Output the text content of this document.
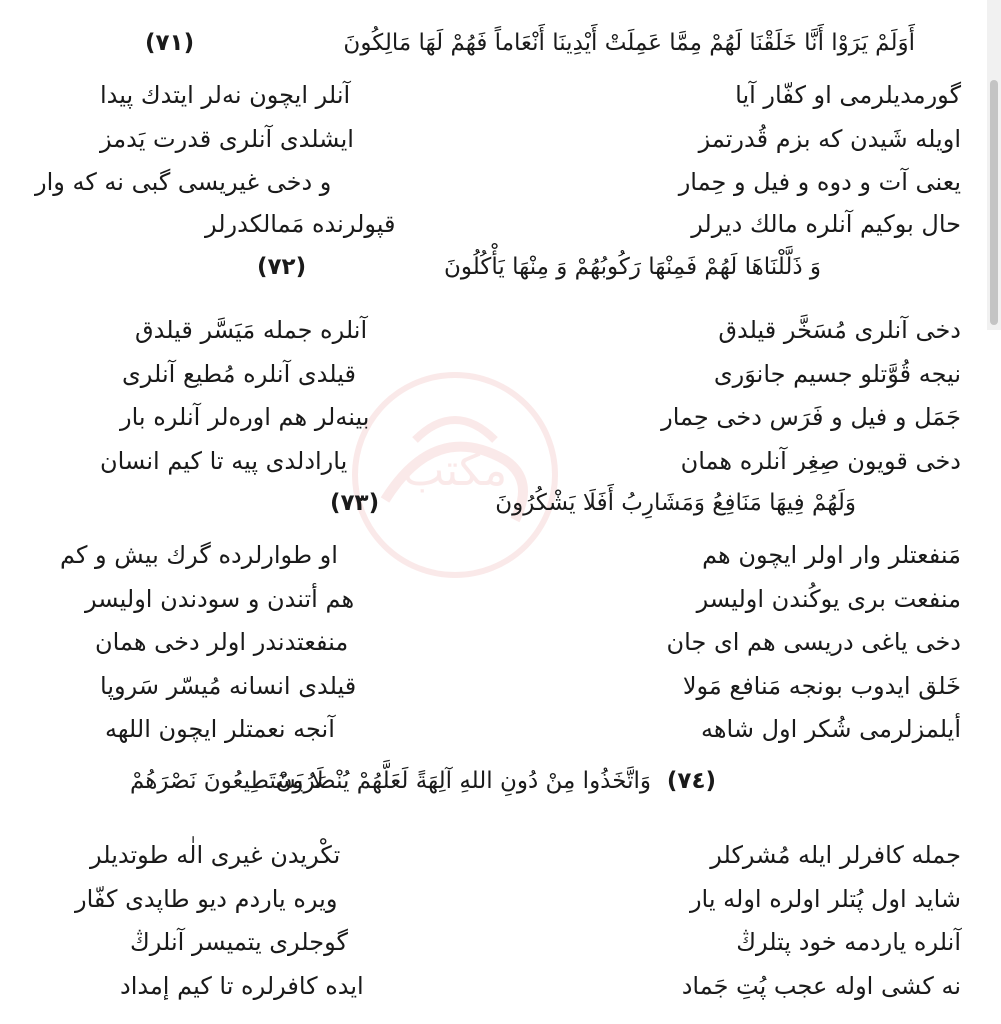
مكتب
أَوَلَمْ يَرَوْا أَنَّا خَلَقْنَا لَهُمْ مِمَّا عَمِلَتْ أَيْدِينَا أَنْعَاماً فَهُمْ لَهَا مَالِكُونَ
(٧١)
گورمديلرمی او كفّار آيا
آنلر ايچون نه‌لر ايتدك پيدا
اويله شَيدن كه بزم قُدرتمز
ايشلدی آنلری قدرت يَدمز
يعنی آت و دوه و فيل و حِمار
و دخی غيريسی گبی نه كه وار
حال بوكيم آنلره مالك ديرلر
قپولرنده مَمالكدرلر
وَ ذَلَّلْنَاهَا لَهُمْ فَمِنْهَا رَكُوبُهُمْ وَ مِنْهَا يَأْكُلُونَ
(٧٢)
دخی آنلری مُسَخَّر قيلدق
آنلره جمله مَيَسَّر قيلدق
نيجه قُوَّتلو جسيم جانوَری
قيلدی آنلره مُطيع آنلری
جَمَل و فيل و فَرَس دخی حِمار
بينه‌لر هم اوره‌لر آنلره بار
دخی قويون صِغِر آنلره همان
يارادلدی پيه تا كيم انسان
وَلَهُمْ فِيهَا مَنَافِعُ وَمَشَارِبُ أَفَلَا يَشْكُرُونَ
(٧٣)
مَنفعتلر وار اولر ايچون هم
او طوارلرده گرك بيش و كم
منفعت برى يوكُندن اوليسر
هم أتندن و سودندن اوليسر
دخی ياغی دريسی هم ای جان
منفعتدندر اولر دخی همان
خَلق ايدوب بونجه مَنافع مَولا
قيلدی انسانه مُيسّر سَروپا
أيلمزلرمی شُكر اول شاهه
آنجه نعمتلر ايچون اللهه
وَاتَّخَذُوا مِنْ دُونِ اللهِ آلِهَةً لَعَلَّهُمْ يُنْصَرُونَ (٧٤)
لَا يَسْتَطِيعُونَ نَصْرَهُمْ
جمله كافرلر ايله مُشركلر
تكْريدن غيرى الٰه طوتديلر
شايد اول پُتلر اولره اوله يار
ويره ياردم ديو طاپدی كفّار
آنلره ياردمه خود پتلرڭ
گوجلرى يتميسر آنلرڭ
نه كشی اوله عجب پُتِ جَماد
ايده كافرلره تا كيم إمداد
